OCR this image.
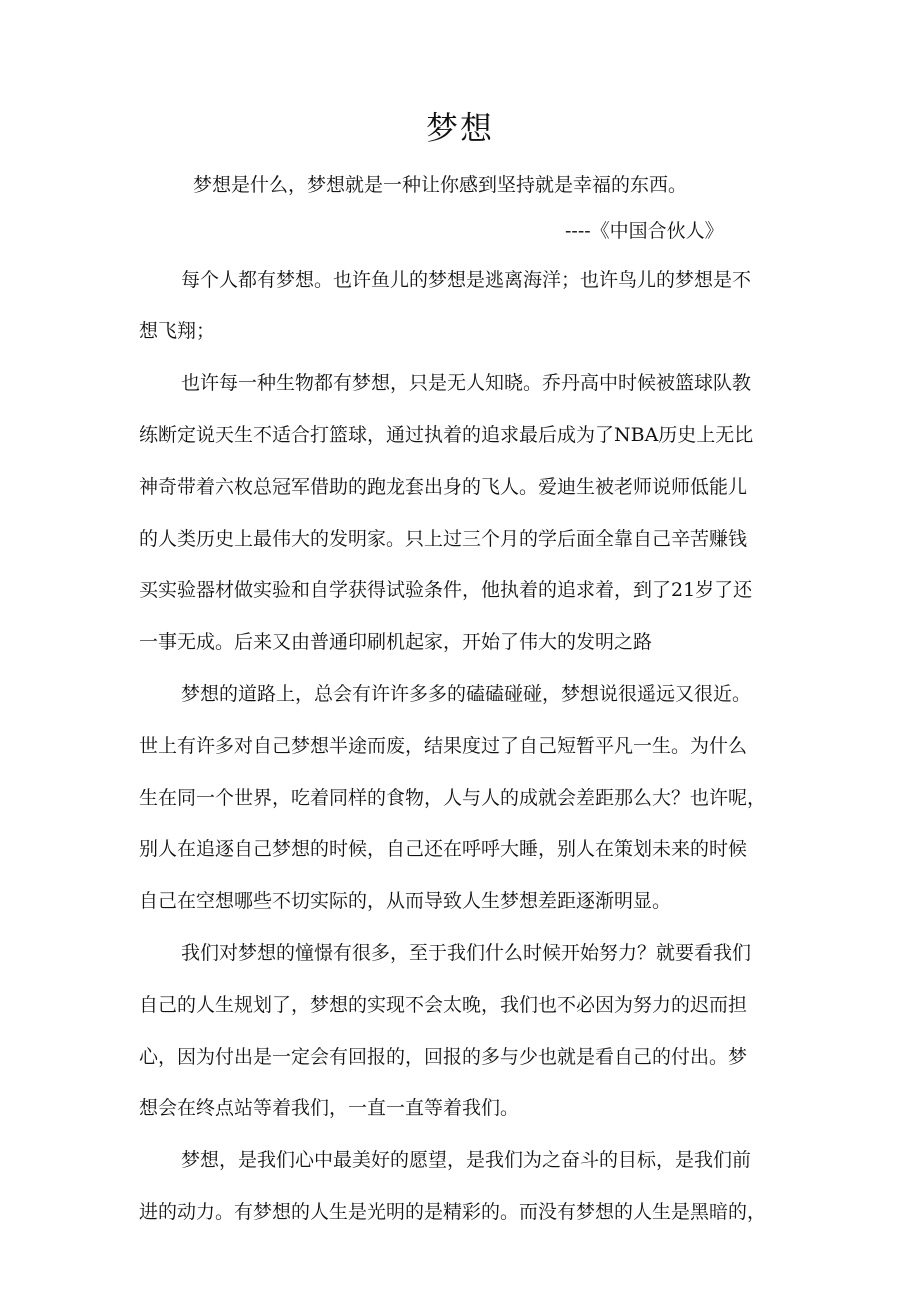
梦想

梦想是什么，梦想就是一种让你感到坚持就是幸福的东西。

----《中国合伙人》

每个人都有梦想。也许鱼儿的梦想是逃离海洋；也许鸟儿的梦想是不

想飞翔；

也许每一种生物都有梦想，只是无人知晓。乔丹高中时候被篮球队教

练断定说天生不适合打篮球，通过执着的追求最后成为了NBA历史上无比

神奇带着六枚总冠军借助的跑龙套出身的飞人。爱迪生被老师说师低能儿

的人类历史上最伟大的发明家。只上过三个月的学后面全靠自己辛苦赚钱

买实验器材做实验和自学获得试验条件，他执着的追求着，到了21岁了还

一事无成。后来又由普通印刷机起家，开始了伟大的发明之路

梦想的道路上，总会有许许多多的磕磕碰碰，梦想说很遥远又很近。

世上有许多对自己梦想半途而废，结果度过了自己短暂平凡一生。为什么

生在同一个世界，吃着同样的食物，人与人的成就会差距那么大？也许呢，

别人在追逐自己梦想的时候，自己还在呼呼大睡，别人在策划未来的时候

自己在空想哪些不切实际的，从而导致人生梦想差距逐渐明显。

我们对梦想的憧憬有很多，至于我们什么时候开始努力？就要看我们

自己的人生规划了，梦想的实现不会太晚，我们也不必因为努力的迟而担

心，因为付出是一定会有回报的，回报的多与少也就是看自己的付出。梦

想会在终点站等着我们，一直一直等着我们。

梦想，是我们心中最美好的愿望，是我们为之奋斗的目标，是我们前

进的动力。有梦想的人生是光明的是精彩的。而没有梦想的人生是黑暗的，
